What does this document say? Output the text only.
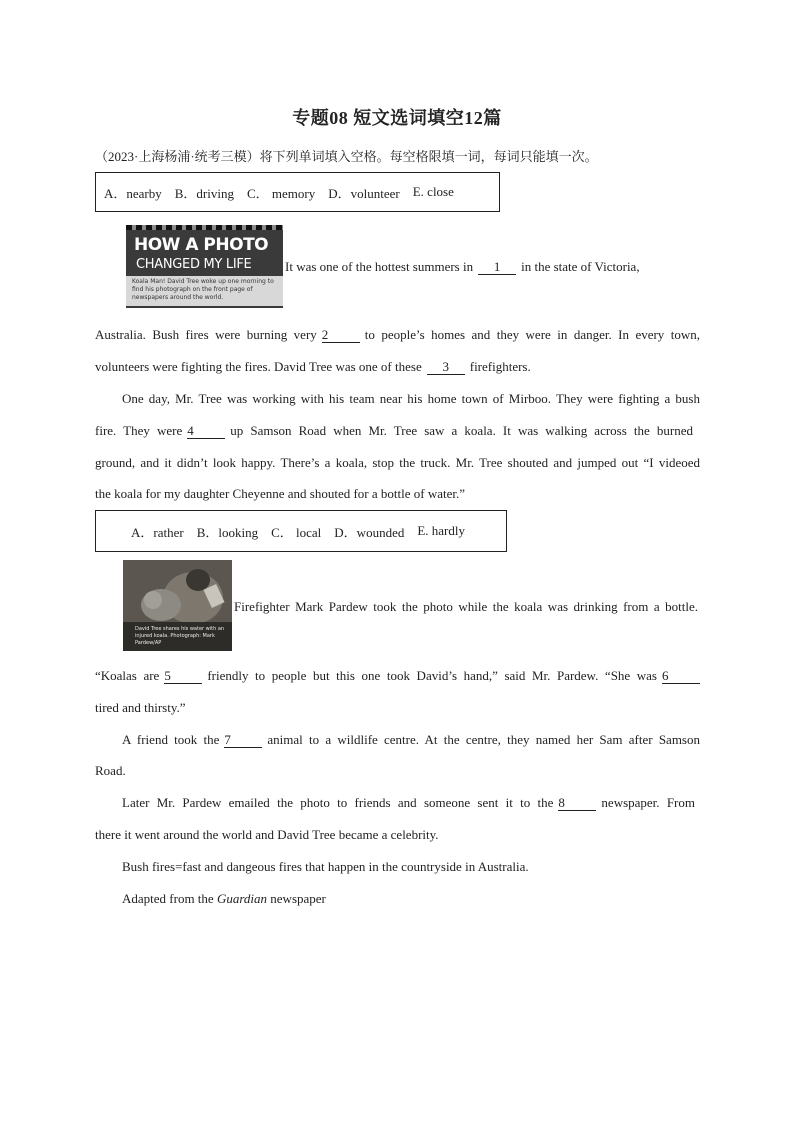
专题08 短文选词填空12篇
（2023·上海杨浦·统考三模）将下列单词填入空格。每空格限填一词，每词只能填一次。
A．nearby B．driving C． memory D．volunteer E. close
HOW A PHOTO
CHANGED MY LIFE
Koala Man! David Tree woke up one morning to find his photograph on the front page of newspapers around the world.
It was one of the hottest summers in 1 in the state of Victoria,
Australia. Bush fires were burning very 2	to people’s homes and they were in danger. In every town,
volunteers were fighting the fires. David Tree was one of these 3 firefighters.
One day, Mr. Tree was working with his team near his home town of Mirboo. They were fighting a bush
fire. They were 4	up Samson Road when Mr. Tree saw a koala. It was walking across the burned
ground, and it didn’t look happy. There’s a koala, stop the truck. Mr. Tree shouted and jumped out “I videoed
the koala for my daughter Cheyenne and shouted for a bottle of water.”
A．rather B．looking C． local D．wounded E. hardly
David Tree shares his water with an injured koala. Photograph: Mark Pardew/AP
Firefighter Mark Pardew took the photo while the koala was drinking from a bottle.
“Koalas are 5	friendly to people but this one took David’s hand,” said Mr. Pardew. “She was 6
tired and thirsty.”
A friend took the 7	animal to a wildlife centre. At the centre, they named her Sam after Samson
Road.
Later Mr. Pardew emailed the photo to friends and someone sent it to the 8	newspaper. From
there it went around the world and David Tree became a celebrity.
Bush fires=fast and dangeous fires that happen in the countryside in Australia.
Adapted from the Guardian newspaper
